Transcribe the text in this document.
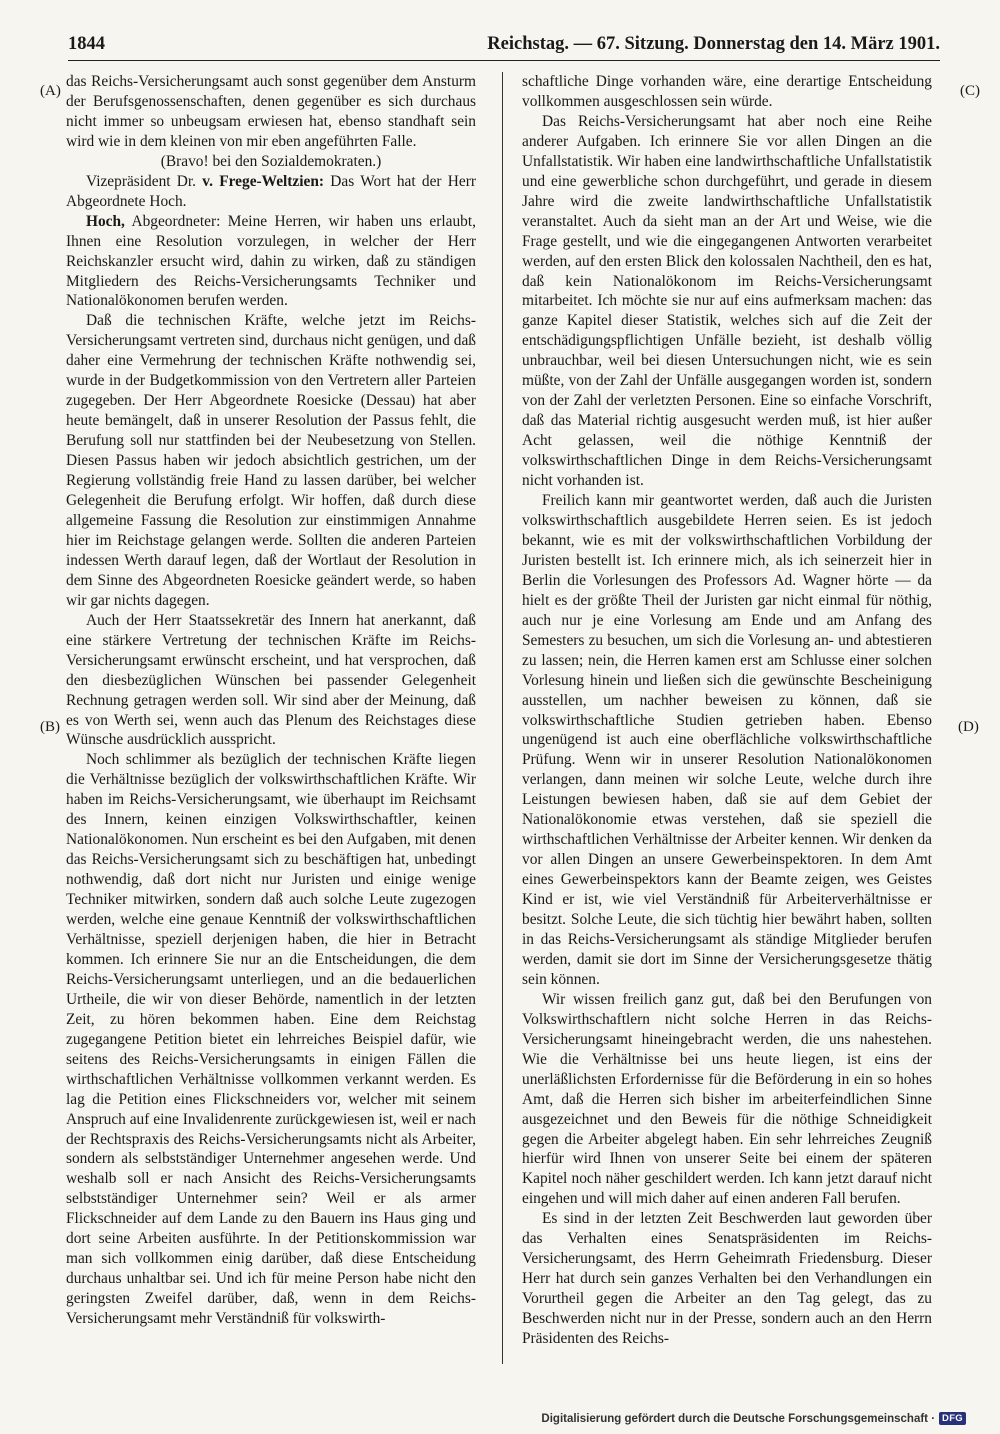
1844	Reichstag. — 67. Sitzung. Donnerstag den 14. März 1901.
(A)
(B)
(C)
(D)

das Reichs-Versicherungsamt auch sonst gegenüber dem Ansturm der Berufsgenossenschaften, denen gegenüber es sich durchaus nicht immer so unbeugsam erwiesen hat, ebenso standhaft sein wird wie in dem kleinen von mir eben angeführten Falle.

(Bravo! bei den Sozialdemokraten.)

Vizepräsident Dr. v. Frege-Weltzien: Das Wort hat der Herr Abgeordnete Hoch.

Hoch, Abgeordneter: Meine Herren, wir haben uns erlaubt, Ihnen eine Resolution vorzulegen, in welcher der Herr Reichskanzler ersucht wird, dahin zu wirken, daß zu ständigen Mitgliedern des Reichs-Versicherungsamts Techniker und Nationalökonomen berufen werden.

Daß die technischen Kräfte, welche jetzt im Reichs-Versicherungsamt vertreten sind, durchaus nicht genügen, und daß daher eine Vermehrung der technischen Kräfte nothwendig sei, wurde in der Budgetkommission von den Vertretern aller Parteien zugegeben. Der Herr Abgeordnete Roesicke (Dessau) hat aber heute bemängelt, daß in unserer Resolution der Passus fehlt, die Berufung soll nur stattfinden bei der Neubesetzung von Stellen. Diesen Passus haben wir jedoch absichtlich gestrichen, um der Regierung vollständig freie Hand zu lassen darüber, bei welcher Gelegenheit die Berufung erfolgt. Wir hoffen, daß durch diese allgemeine Fassung die Resolution zur einstimmigen Annahme hier im Reichstage gelangen werde. Sollten die anderen Parteien indessen Werth darauf legen, daß der Wortlaut der Resolution in dem Sinne des Abgeordneten Roesicke geändert werde, so haben wir gar nichts dagegen.

Auch der Herr Staatssekretär des Innern hat anerkannt, daß eine stärkere Vertretung der technischen Kräfte im Reichs-Versicherungsamt erwünscht erscheint, und hat versprochen, daß den diesbezüglichen Wünschen bei passender Gelegenheit Rechnung getragen werden soll. Wir sind aber der Meinung, daß es von Werth sei, wenn auch das Plenum des Reichstages diese Wünsche ausdrücklich ausspricht.

Noch schlimmer als bezüglich der technischen Kräfte liegen die Verhältnisse bezüglich der volkswirthschaftlichen Kräfte. Wir haben im Reichs-Versicherungsamt, wie überhaupt im Reichsamt des Innern, keinen einzigen Volkswirthschaftler, keinen Nationalökonomen. Nun erscheint es bei den Aufgaben, mit denen das Reichs-Versicherungsamt sich zu beschäftigen hat, unbedingt nothwendig, daß dort nicht nur Juristen und einige wenige Techniker mitwirken, sondern daß auch solche Leute zugezogen werden, welche eine genaue Kenntniß der volkswirthschaftlichen Verhältnisse, speziell derjenigen haben, die hier in Betracht kommen. Ich erinnere Sie nur an die Entscheidungen, die dem Reichs-Versicherungsamt unterliegen, und an die bedauerlichen Urtheile, die wir von dieser Behörde, namentlich in der letzten Zeit, zu hören bekommen haben. Eine dem Reichstag zugegangene Petition bietet ein lehrreiches Beispiel dafür, wie seitens des Reichs-Versicherungsamts in einigen Fällen die wirthschaftlichen Verhältnisse vollkommen verkannt werden. Es lag die Petition eines Flickschneiders vor, welcher mit seinem Anspruch auf eine Invalidenrente zurückgewiesen ist, weil er nach der Rechtspraxis des Reichs-Versicherungsamts nicht als Arbeiter, sondern als selbstständiger Unternehmer angesehen werde. Und weshalb soll er nach Ansicht des Reichs-Versicherungsamts selbstständiger Unternehmer sein? Weil er als armer Flickschneider auf dem Lande zu den Bauern ins Haus ging und dort seine Arbeiten ausführte. In der Petitionskommission war man sich vollkommen einig darüber, daß diese Entscheidung durchaus unhaltbar sei. Und ich für meine Person habe nicht den geringsten Zweifel darüber, daß, wenn in dem Reichs-Versicherungsamt mehr Verständniß für volkswirth-

schaftliche Dinge vorhanden wäre, eine derartige Entscheidung vollkommen ausgeschlossen sein würde.

Das Reichs-Versicherungsamt hat aber noch eine Reihe anderer Aufgaben. Ich erinnere Sie vor allen Dingen an die Unfallstatistik. Wir haben eine landwirthschaftliche Unfallstatistik und eine gewerbliche schon durchgeführt, und gerade in diesem Jahre wird die zweite landwirthschaftliche Unfallstatistik veranstaltet. Auch da sieht man an der Art und Weise, wie die Frage gestellt, und wie die eingegangenen Antworten verarbeitet werden, auf den ersten Blick den kolossalen Nachtheil, den es hat, daß kein Nationalökonom im Reichs-Versicherungsamt mitarbeitet. Ich möchte sie nur auf eins aufmerksam machen: das ganze Kapitel dieser Statistik, welches sich auf die Zeit der entschädigungspflichtigen Unfälle bezieht, ist deshalb völlig unbrauchbar, weil bei diesen Untersuchungen nicht, wie es sein müßte, von der Zahl der Unfälle ausgegangen worden ist, sondern von der Zahl der verletzten Personen. Eine so einfache Vorschrift, daß das Material richtig ausgesucht werden muß, ist hier außer Acht gelassen, weil die nöthige Kenntniß der volkswirthschaftlichen Dinge in dem Reichs-Versicherungsamt nicht vorhanden ist.

Freilich kann mir geantwortet werden, daß auch die Juristen volkswirthschaftlich ausgebildete Herren seien. Es ist jedoch bekannt, wie es mit der volkswirthschaftlichen Vorbildung der Juristen bestellt ist. Ich erinnere mich, als ich seinerzeit hier in Berlin die Vorlesungen des Professors Ad. Wagner hörte — da hielt es der größte Theil der Juristen gar nicht einmal für nöthig, auch nur je eine Vorlesung am Ende und am Anfang des Semesters zu besuchen, um sich die Vorlesung an- und abtestieren zu lassen; nein, die Herren kamen erst am Schlusse einer solchen Vorlesung hinein und ließen sich die gewünschte Bescheinigung ausstellen, um nachher beweisen zu können, daß sie volkswirthschaftliche Studien getrieben haben. Ebenso ungenügend ist auch eine oberflächliche volkswirthschaftliche Prüfung. Wenn wir in unserer Resolution Nationalökonomen verlangen, dann meinen wir solche Leute, welche durch ihre Leistungen bewiesen haben, daß sie auf dem Gebiet der Nationalökonomie etwas verstehen, daß sie speziell die wirthschaftlichen Verhältnisse der Arbeiter kennen. Wir denken da vor allen Dingen an unsere Gewerbeinspektoren. In dem Amt eines Gewerbeinspektors kann der Beamte zeigen, wes Geistes Kind er ist, wie viel Verständniß für Arbeiterverhältnisse er besitzt. Solche Leute, die sich tüchtig hier bewährt haben, sollten in das Reichs-Versicherungsamt als ständige Mitglieder berufen werden, damit sie dort im Sinne der Versicherungsgesetze thätig sein können.

Wir wissen freilich ganz gut, daß bei den Berufungen von Volkswirthschaftlern nicht solche Herren in das Reichs-Versicherungsamt hineingebracht werden, die uns nahestehen. Wie die Verhältnisse bei uns heute liegen, ist eins der unerläßlichsten Erfordernisse für die Beförderung in ein so hohes Amt, daß die Herren sich bisher im arbeiterfeindlichen Sinne ausgezeichnet und den Beweis für die nöthige Schneidigkeit gegen die Arbeiter abgelegt haben. Ein sehr lehrreiches Zeugniß hierfür wird Ihnen von unserer Seite bei einem der späteren Kapitel noch näher geschildert werden. Ich kann jetzt darauf nicht eingehen und will mich daher auf einen anderen Fall berufen.

Es sind in der letzten Zeit Beschwerden laut geworden über das Verhalten eines Senatspräsidenten im Reichs-Versicherungsamt, des Herrn Geheimrath Friedensburg. Dieser Herr hat durch sein ganzes Verhalten bei den Verhandlungen ein Vorurtheil gegen die Arbeiter an den Tag gelegt, das zu Beschwerden nicht nur in der Presse, sondern auch an den Herrn Präsidenten des Reichs-

Digitalisierung gefördert durch die Deutsche Forschungsgemeinschaft · DFG
